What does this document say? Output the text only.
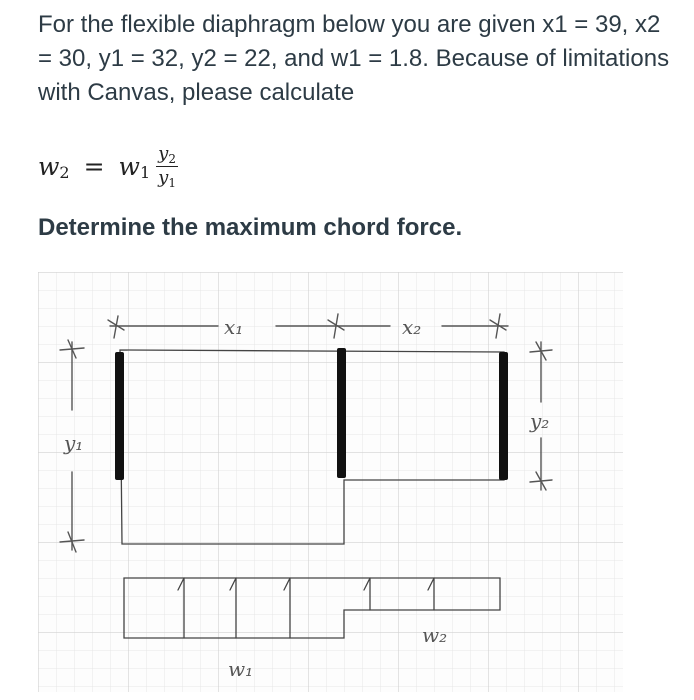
For the flexible diaphragm below you are given x1 = 39, x2 = 30, y1 = 32, y2 = 22, and w1 = 1.8. Because of limitations with Canvas, please calculate

w 2 = w $1 \frac{y_2}{y_1}$

Determine the maximum chord force.

x₁	x₂
y₁
y₂
w₂
w₁
